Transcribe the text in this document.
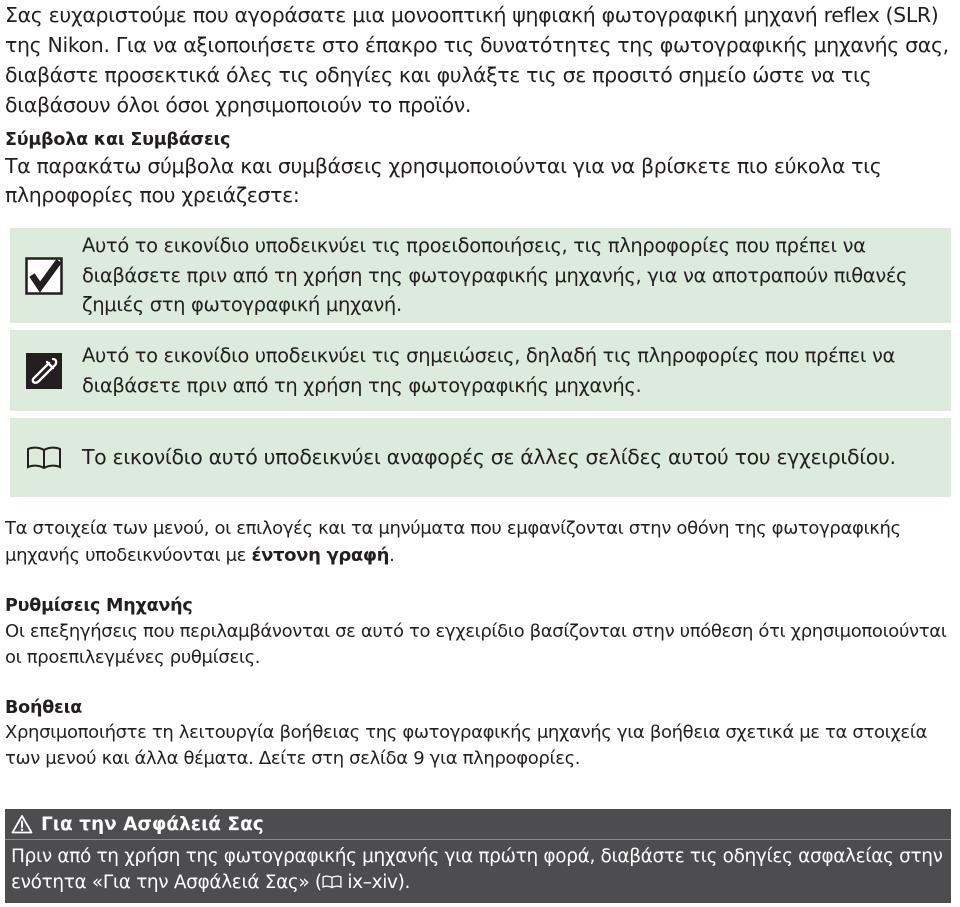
Σας ευχαριστούμε που αγοράσατε μια μονοοπτική ψηφιακή φωτογραφική μηχανή reflex (SLR) της Nikon. Για να αξιοποιήσετε στο έπακρο τις δυνατότητες της φωτογραφικής μηχανής σας, διαβάστε προσεκτικά όλες τις οδηγίες και φυλάξτε τις σε προσιτό σημείο ώστε να τις διαβάσουν όλοι όσοι χρησιμοποιούν το προϊόν.

Σύμβολα και Συμβάσεις

Τα παρακάτω σύμβολα και συμβάσεις χρησιμοποιούνται για να βρίσκετε πιο εύκολα τις πληροφορίες που χρειάζεστε:

Αυτό το εικονίδιο υποδεικνύει τις προειδοποιήσεις, τις πληροφορίες που πρέπει να διαβάσετε πριν από τη χρήση της φωτογραφικής μηχανής, για να αποτραπούν πιθανές ζημιές στη φωτογραφική μηχανή.
Αυτό το εικονίδιο υποδεικνύει τις σημειώσεις, δηλαδή τις πληροφορίες που πρέπει να διαβάσετε πριν από τη χρήση της φωτογραφικής μηχανής.
Το εικονίδιο αυτό υποδεικνύει αναφορές σε άλλες σελίδες αυτού του εγχειριδίου.

Τα στοιχεία των μενού, οι επιλογές και τα μηνύματα που εμφανίζονται στην οθόνη της φωτογραφικής μηχανής υποδεικνύονται με έντονη γραφή.

Ρυθμίσεις Μηχανής

Οι επεξηγήσεις που περιλαμβάνονται σε αυτό το εγχειρίδιο βασίζονται στην υπόθεση ότι χρησιμοποιούνται οι προεπιλεγμένες ρυθμίσεις.

Βοήθεια

Χρησιμοποιήστε τη λειτουργία βοήθειας της φωτογραφικής μηχανής για βοήθεια σχετικά με τα στοιχεία των μενού και άλλα θέματα. Δείτε στη σελίδα 9 για πληροφορίες.

Για την Ασφάλειά Σας
Πριν από τη χρήση της φωτογραφικής μηχανής για πρώτη φορά, διαβάστε τις οδηγίες ασφαλείας στην ενότητα «Για την Ασφάλειά Σας» ( ix–xiv).
